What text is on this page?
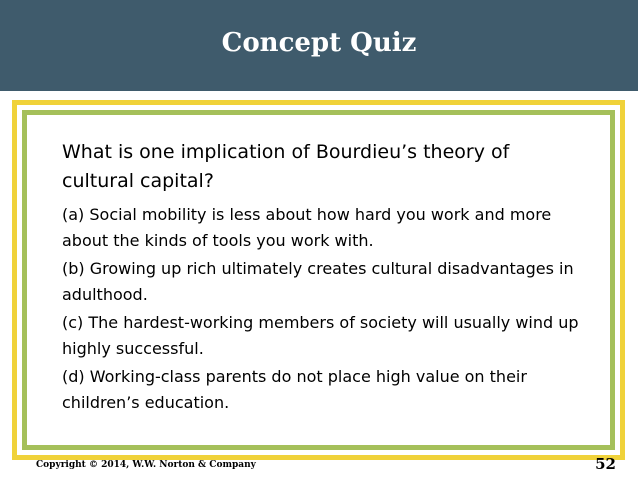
Concept Quiz
What is one implication of Bourdieu’s theory of cultural capital?
(a) Social mobility is less about how hard you work and more about the kinds of tools you work with.
(b) Growing up rich ultimately creates cultural disadvantages in adulthood.
(c) The hardest-working members of society will usually wind up highly successful.
(d) Working-class parents do not place high value on their children’s education.
Copyright © 2014, W.W. Norton & Company	52
